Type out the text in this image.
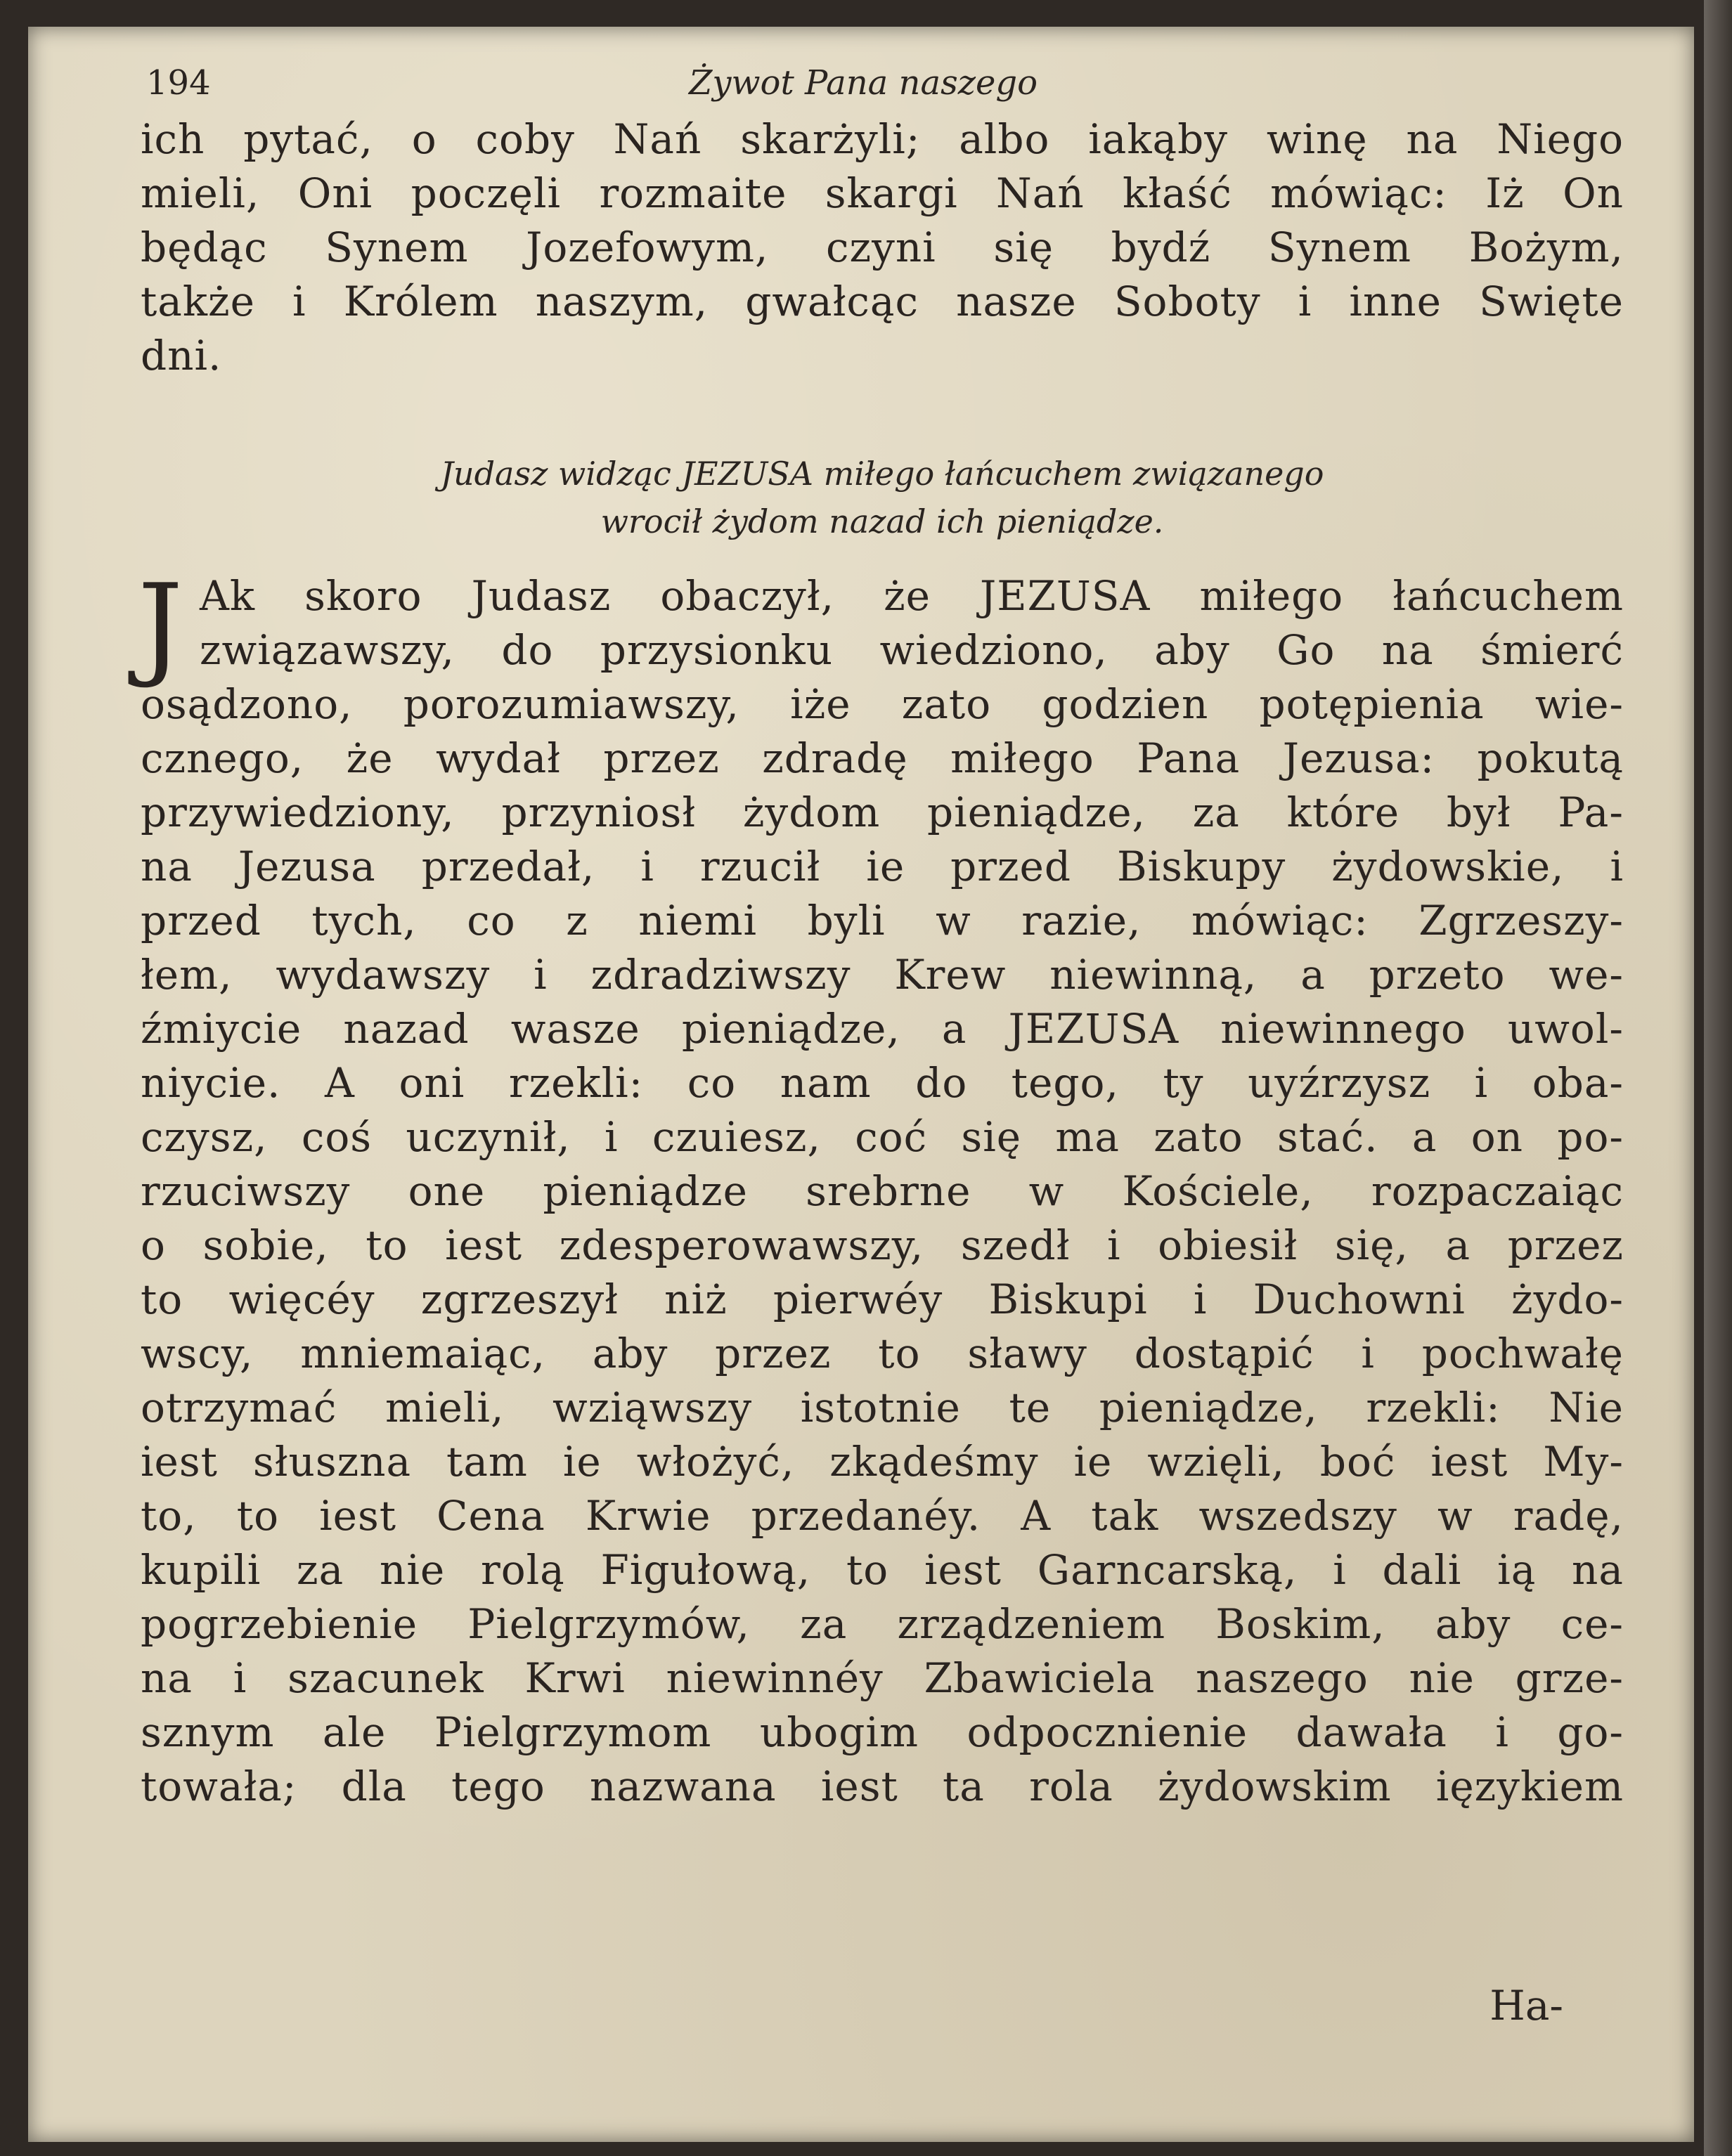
194	Żywot Pana naszego
ich pytać, o coby Nań skarżyli; albo iakąby winę na Niego
mieli, Oni poczęli rozmaite skargi Nań kłaść mówiąc: Iż On
będąc Synem Jozefowym, czyni się bydź Synem Bożym,
także i Królem naszym, gwałcąc nasze Soboty i inne Swięte
dni.
Judasz widząc JEZUSA miłego łańcuchem związanego
wrocił żydom nazad ich pieniądze.
J Ak skoro Judasz obaczył, że JEZUSA miłego łańcuchem
związawszy, do przysionku wiedziono, aby Go na śmierć
osądzono, porozumiawszy, iże zato godzien potępienia wie-
cznego, że wydał przez zdradę miłego Pana Jezusa: pokutą
przywiedziony, przyniosł żydom pieniądze, za które był Pa-
na Jezusa przedał, i rzucił ie przed Biskupy żydowskie, i
przed tych, co z niemi byli w razie, mówiąc: Zgrzeszy-
łem, wydawszy i zdradziwszy Krew niewinną, a przeto we-
źmiycie nazad wasze pieniądze, a JEZUSA niewinnego uwol-
niycie. A oni rzekli: co nam do tego, ty uyźrzysz i oba-
czysz, coś uczynił, i czuiesz, coć się ma zato stać. a on po-
rzuciwszy one pieniądze srebrne w Kościele, rozpaczaiąc
o sobie, to iest zdesperowawszy, szedł i obiesił się, a przez
to więcéy zgrzeszył niż pierwéy Biskupi i Duchowni żydo-
wscy, mniemaiąc, aby przez to sławy dostąpić i pochwałę
otrzymać mieli, wziąwszy istotnie te pieniądze, rzekli: Nie
iest słuszna tam ie włożyć, zkądeśmy ie wzięli, boć iest My-
to, to iest Cena Krwie przedanéy. A tak wszedszy w radę,
kupili za nie rolą Figułową, to iest Garncarską, i dali ią na
pogrzebienie Pielgrzymów, za zrządzeniem Boskim, aby ce-
na i szacunek Krwi niewinnéy Zbawiciela naszego nie grze-
sznym ale Pielgrzymom ubogim odpocznienie dawała i go-
towała; dla tego nazwana iest ta rola żydowskim ięzykiem
Ha-
